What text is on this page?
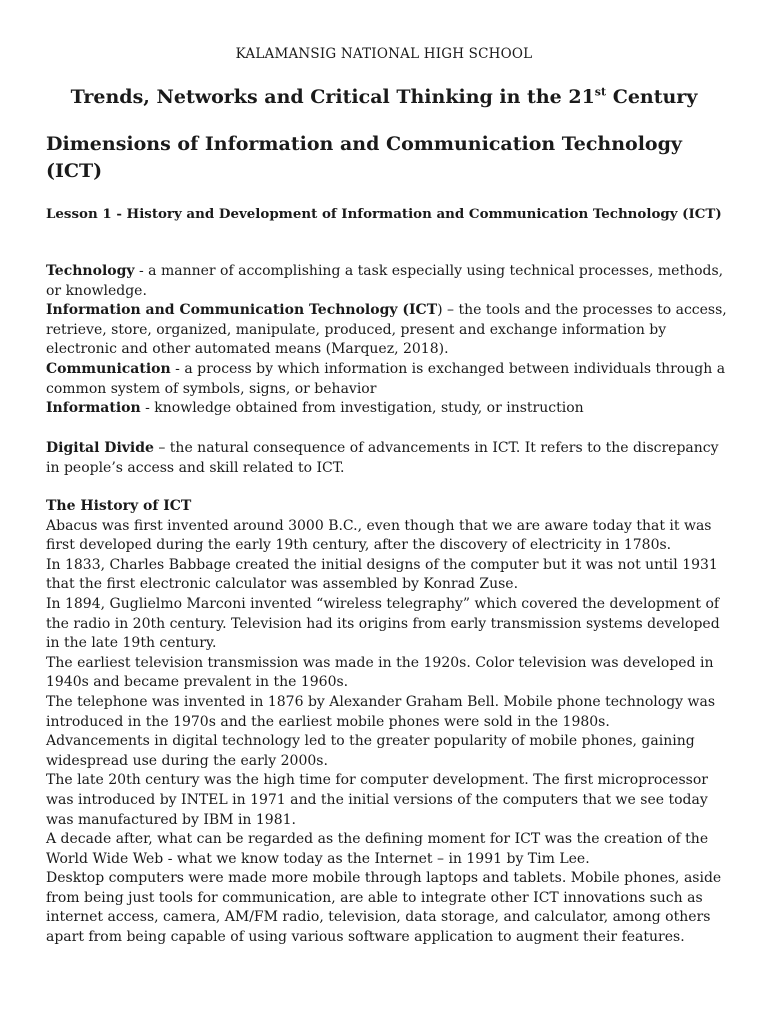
KALAMANSIG NATIONAL HIGH SCHOOL
Trends, Networks and Critical Thinking in the 21st Century
Dimensions of Information and Communication Technology (ICT)
Lesson 1 - History and Development of Information and Communication Technology (ICT)

Technology - a manner of accomplishing a task especially using technical processes, methods, or knowledge.

Information and Communication Technology (ICT) – the tools and the processes to access, retrieve, store, organized, manipulate, produced, present and exchange information by electronic and other automated means (Marquez, 2018).

Communication - a process by which information is exchanged between individuals through a common system of symbols, signs, or behavior

Information - knowledge obtained from investigation, study, or instruction

Digital Divide – the natural consequence of advancements in ICT. It refers to the discrepancy in people’s access and skill related to ICT.

The History of ICT

Abacus was first invented around 3000 B.C., even though that we are aware today that it was first developed during the early 19th century, after the discovery of electricity in 1780s.

In 1833, Charles Babbage created the initial designs of the computer but it was not until 1931 that the first electronic calculator was assembled by Konrad Zuse.

In 1894, Guglielmo Marconi invented “wireless telegraphy” which covered the development of the radio in 20th century. Television had its origins from early transmission systems developed in the late 19th century.

The earliest television transmission was made in the 1920s. Color television was developed in 1940s and became prevalent in the 1960s.

The telephone was invented in 1876 by Alexander Graham Bell. Mobile phone technology was introduced in the 1970s and the earliest mobile phones were sold in the 1980s.

Advancements in digital technology led to the greater popularity of mobile phones, gaining widespread use during the early 2000s.

The late 20th century was the high time for computer development. The first microprocessor was introduced by INTEL in 1971 and the initial versions of the computers that we see today was manufactured by IBM in 1981.

A decade after, what can be regarded as the defining moment for ICT was the creation of the World Wide Web - what we know today as the Internet – in 1991 by Tim Lee.

Desktop computers were made more mobile through laptops and tablets. Mobile phones, aside from being just tools for communication, are able to integrate other ICT innovations such as internet access, camera, AM/FM radio, television, data storage, and calculator, among others apart from being capable of using various software application to augment their features.
